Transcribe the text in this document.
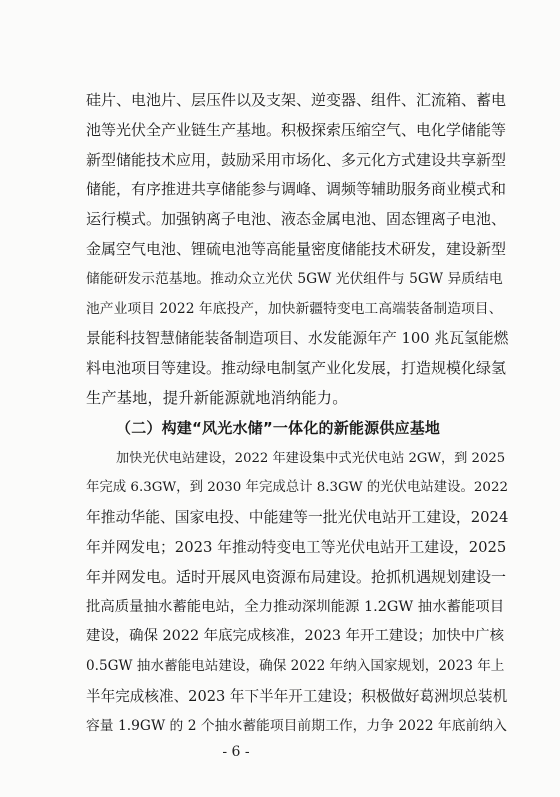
硅片、电池片、层压件以及支架、逆变器、组件、汇流箱、蓄电
池等光伏全产业链生产基地。积极探索压缩空气、电化学储能等
新型储能技术应用，鼓励采用市场化、多元化方式建设共享新型
储能，有序推进共享储能参与调峰、调频等辅助服务商业模式和
运行模式。加强钠离子电池、液态金属电池、固态锂离子电池、
金属空气电池、锂硫电池等高能量密度储能技术研发，建设新型
储能研发示范基地。推动众立光伏 5GW 光伏组件与 5GW 异质结电
池产业项目 2022 年底投产，加快新疆特变电工高端装备制造项目、
景能科技智慧储能装备制造项目、水发能源年产 100 兆瓦氢能燃
料电池项目等建设。推动绿电制氢产业化发展，打造规模化绿氢
生产基地，提升新能源就地消纳能力。
（二）构建“风光水储”一体化的新能源供应基地
加快光伏电站建设，2022 年建设集中式光伏电站 2GW，到 2025
年完成 6.3GW，到 2030 年完成总计 8.3GW 的光伏电站建设。2022
年推动华能、国家电投、中能建等一批光伏电站开工建设，2024
年并网发电；2023 年推动特变电工等光伏电站开工建设，2025
年并网发电。适时开展风电资源布局建设。抢抓机遇规划建设一
批高质量抽水蓄能电站，全力推动深圳能源 1.2GW 抽水蓄能项目
建设，确保 2022 年底完成核准，2023 年开工建设；加快中广核
0.5GW 抽水蓄能电站建设，确保 2022 年纳入国家规划，2023 年上
半年完成核准、2023 年下半年开工建设；积极做好葛洲坝总装机
容量 1.9GW 的 2 个抽水蓄能项目前期工作，力争 2022 年底前纳入
- 6 -
